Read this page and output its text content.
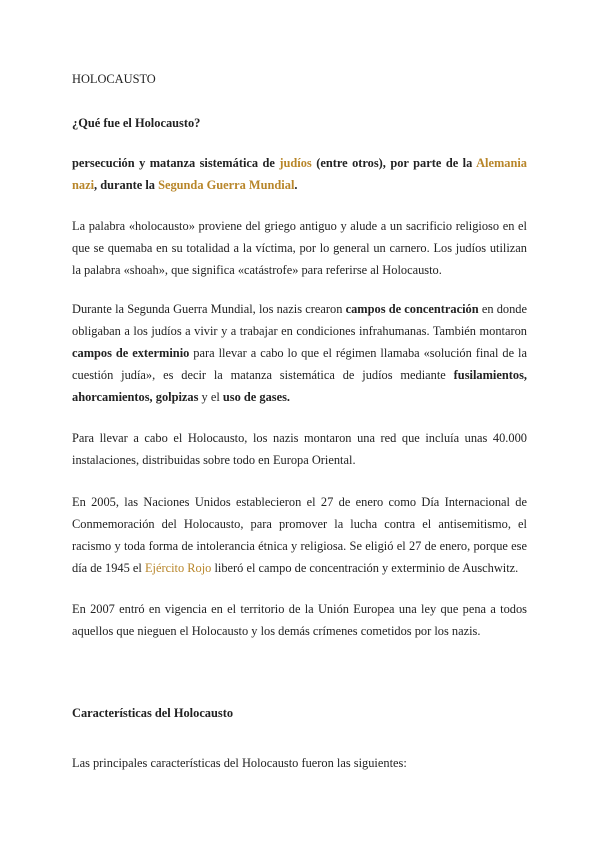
HOLOCAUSTO

¿Qué fue el Holocausto?

persecución y matanza sistemática de judíos (entre otros), por parte de la Alemania nazi, durante la Segunda Guerra Mundial.

La palabra «holocausto» proviene del griego antiguo y alude a un sacrificio religioso en el que se quemaba en su totalidad a la víctima, por lo general un carnero. Los judíos utilizan la palabra «shoah», que significa «catástrofe» para referirse al Holocausto.

Durante la Segunda Guerra Mundial, los nazis crearon campos de concentración en donde obligaban a los judíos a vivir y a trabajar en condiciones infrahumanas. También montaron campos de exterminio para llevar a cabo lo que el régimen llamaba «solución final de la cuestión judía», es decir la matanza sistemática de judíos mediante fusilamientos, ahorcamientos, golpizas y el uso de gases.

Para llevar a cabo el Holocausto, los nazis montaron una red que incluía unas 40.000 instalaciones, distribuidas sobre todo en Europa Oriental.

En 2005, las Naciones Unidos establecieron el 27 de enero como Día Internacional de Conmemoración del Holocausto, para promover la lucha contra el antisemitismo, el racismo y toda forma de intolerancia étnica y religiosa. Se eligió el 27 de enero, porque ese día de 1945 el Ejército Rojo liberó el campo de concentración y exterminio de Auschwitz.

En 2007 entró en vigencia en el territorio de la Unión Europea una ley que pena a todos aquellos que nieguen el Holocausto y los demás crímenes cometidos por los nazis.

Características del Holocausto

Las principales características del Holocausto fueron las siguientes:
